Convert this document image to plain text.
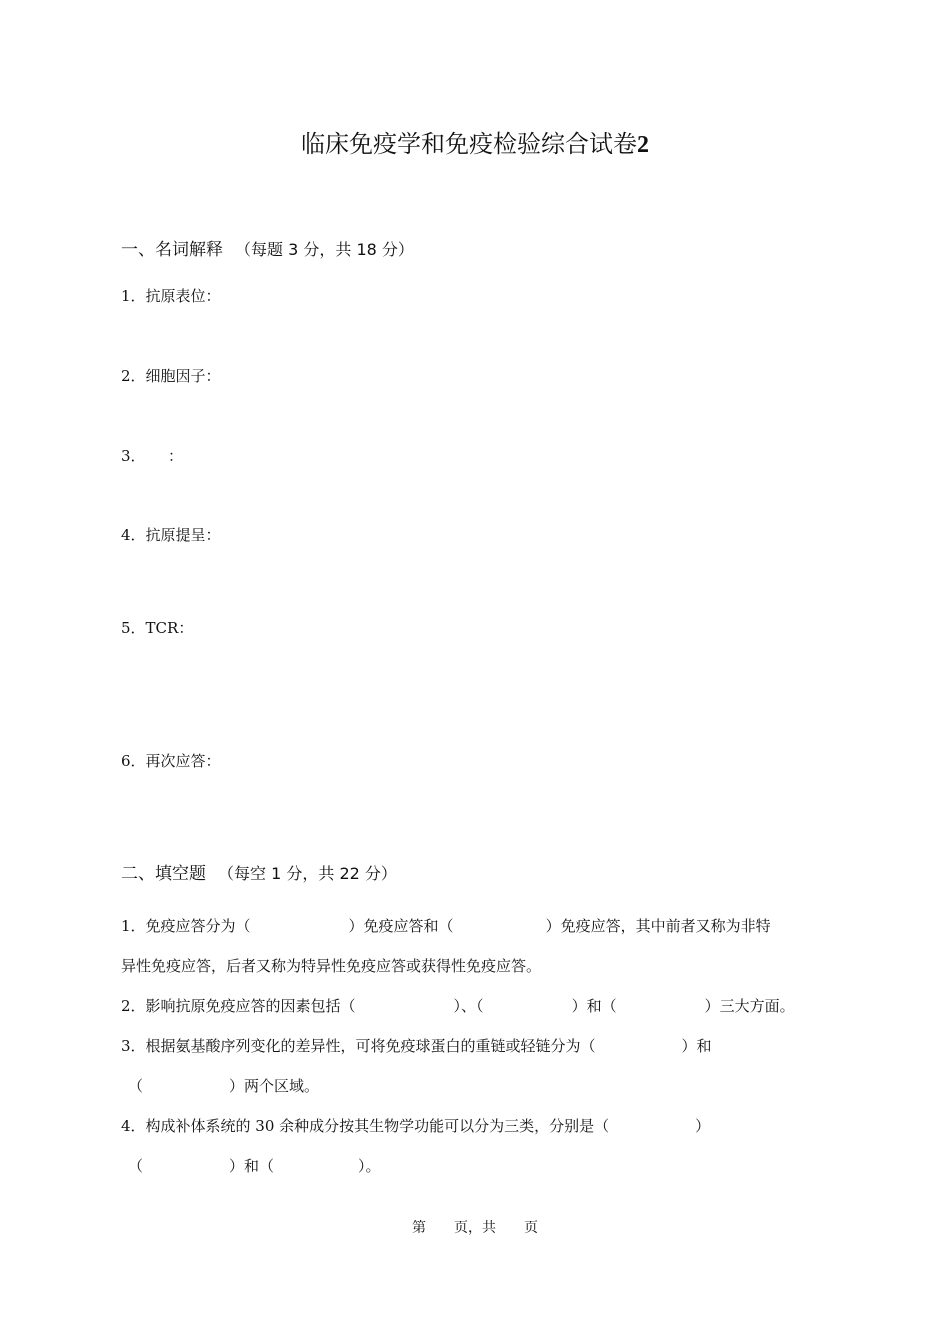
临床免疫学和免疫检验综合试卷2
一、名词解释 （每题 3 分，共 18 分）
1．抗原表位：
2．细胞因子：
3．　　：
4．抗原提呈：
5．TCR：
6．再次应答：
二、填空题 （每空 1 分，共 22 分）
1．免疫应答分为（	）免疫应答和（	）免疫应答，其中前者又称为非特
异性免疫应答，后者又称为特异性免疫应答或获得性免疫应答。
2．影响抗原免疫应答的因素包括（	）、（	）和（	）三大方面。
3．根据氨基酸序列变化的差异性，可将免疫球蛋白的重链或轻链分为（	）和
（	）两个区域。
4．构成补体系统的 30 余种成分按其生物学功能可以分为三类，分别是（	）
（	）和（	）。
第　　页，共　　页
